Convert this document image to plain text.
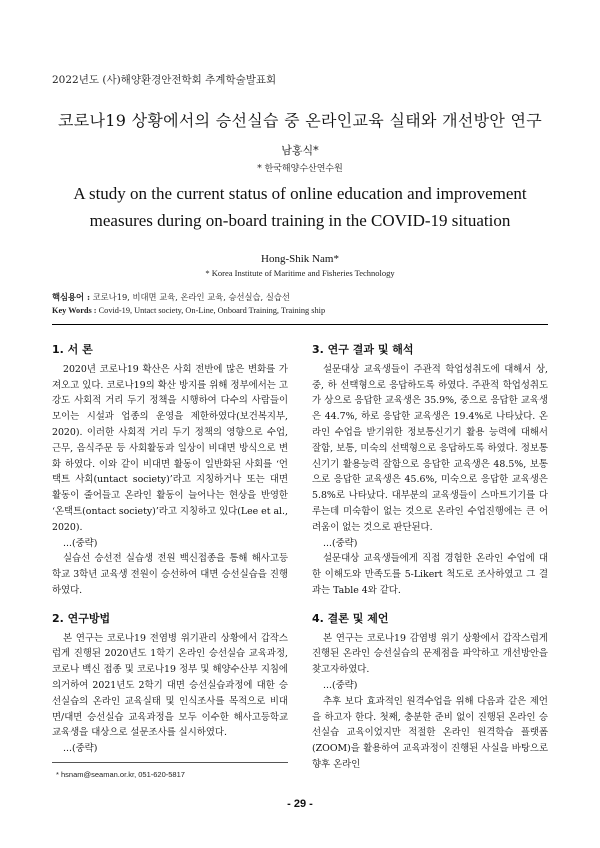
2022년도 (사)해양환경안전학회 추계학술발표회
코로나19 상황에서의 승선실습 중 온라인교육 실태와 개선방안 연구
남홍식*
* 한국해양수산연수원
A study on the current status of online education and improvement measures during on-board training in the COVID-19 situation
Hong-Shik Nam*
* Korea Institute of Maritime and Fisheries Technology
핵심용어 : 코로나19, 비대면 교육, 온라인 교육, 승선실습, 실습선
Key Words : Covid-19, Untact society, On-Line, Onboard Training, Training ship
1. 서 론

2020년 코로나19 확산은 사회 전반에 많은 변화를 가져오고 있다. 코로나19의 확산 방지를 위해 정부에서는 고강도 사회적 거리 두기 정책을 시행하여 다수의 사람들이 모이는 시설과 업종의 운영을 제한하였다(보건복지부, 2020). 이러한 사회적 거리 두기 정책의 영향으로 수업, 근무, 음식주문 등 사회활동과 일상이 비대면 방식으로 변화 하였다. 이와 같이 비대면 활동이 일반화된 사회를 ‘언택트 사회(untact society)’라고 지칭하거나 또는 대면 활동이 줄어들고 온라인 활동이 늘어나는 현상을 반영한 ‘온택트(ontact society)’라고 지칭하고 있다(Lee et al., 2020).

...(중략)

실습선 승선전 실습생 전원 백신접종을 통해 해사고등학교 3학년 교육생 전원이 승선하여 대면 승선실습을 진행하였다.

2. 연구방법

본 연구는 코로나19 전염병 위기관리 상황에서 갑작스럽게 진행된 2020년도 1학기 온라인 승선실습 교육과정, 코로나 백신 접종 및 코로나19 정부 및 해양수산부 지침에 의거하여 2021년도 2학기 대면 승선실습과정에 대한 승선실습의 온라인 교육실태 및 인식조사를 목적으로 비대면/대면 승선실습 교육과정을 모두 이수한 해사고등학교 교육생을 대상으로 설문조사를 실시하였다.

...(중략)

3. 연구 결과 및 해석

설문대상 교육생들이 주관적 학업성취도에 대해서 상, 중, 하 선택형으로 응답하도록 하였다. 주관적 학업성취도가 상으로 응답한 교육생은 35.9%, 중으로 응답한 교육생은 44.7%, 하로 응답한 교육생은 19.4%로 나타났다. 온라인 수업을 받기위한 정보통신기기 활용 능력에 대해서 잘함, 보통, 미숙의 선택형으로 응답하도록 하였다. 정보통신기기 활용능력 잘함으로 응답한 교육생은 48.5%, 보통으로 응답한 교육생은 45.6%, 미숙으로 응답한 교육생은 5.8%로 나타났다. 대부분의 교육생들이 스마트기기를 다루는데 미숙함이 없는 것으로 온라인 수업진행에는 큰 어려움이 없는 것으로 판단된다.

...(중략)

설문대상 교육생들에게 직접 경험한 온라인 수업에 대한 이해도와 만족도를 5-Likert 척도로 조사하였고 그 결과는 Table 4와 같다.

4. 결론 및 제언

본 연구는 코로나19 감염병 위기 상황에서 갑작스럽게 진행된 온라인 승선실습의 문제점을 파악하고 개선방안을 찾고자하였다.

...(중략)

추후 보다 효과적인 원격수업을 위해 다음과 같은 제언을 하고자 한다. 첫째, 충분한 준비 없이 진행된 온라인 승선실습 교육이었지만 적절한 온라인 원격학습 플랫폼(ZOOM)을 활용하여 교육과정이 진행된 사실을 바탕으로 향후 온라인

* hsnam@seaman.or.kr, 051-620-5817
- 29 -
